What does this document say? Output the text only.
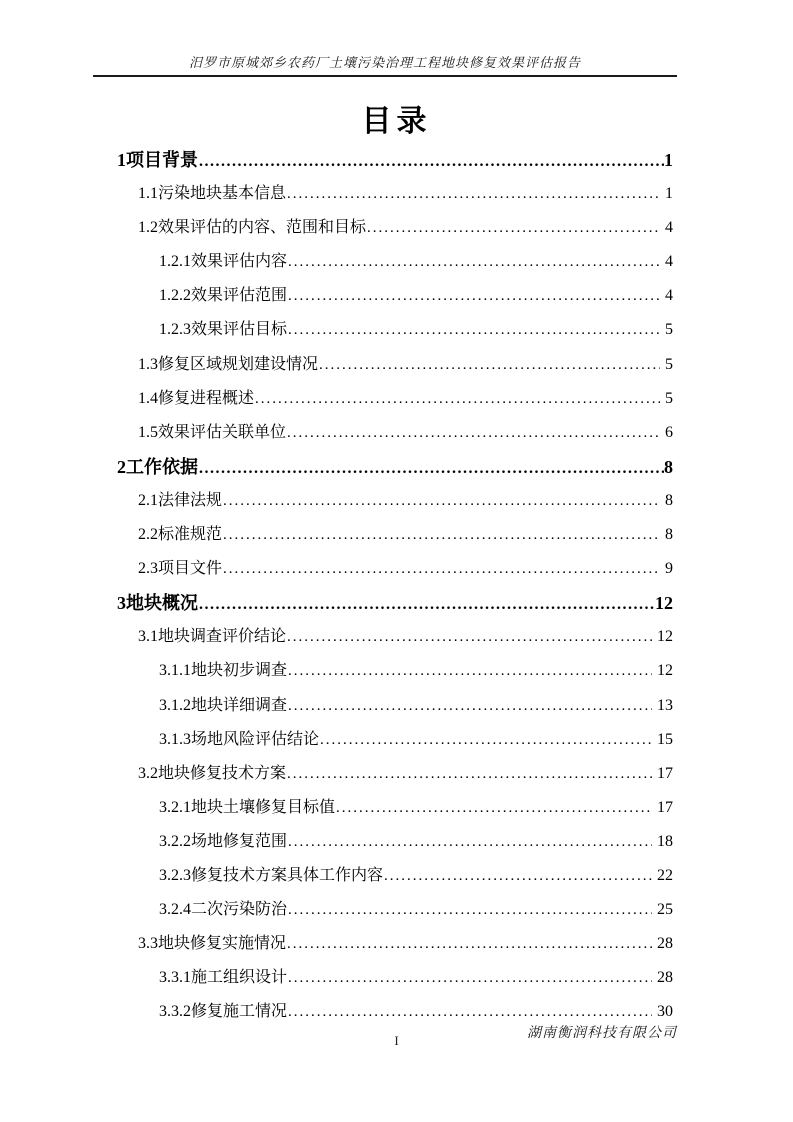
汨罗市原城郊乡农药厂土壤污染治理工程地块修复效果评估报告
目录
1项目背景 .....	1
1.1污染地块基本信息 .....	1
1.2效果评估的内容、范围和目标 .....	4
1.2.1效果评估内容 .....	4
1.2.2效果评估范围 .....	4
1.2.3效果评估目标 .....	5
1.3修复区域规划建设情况 .....	5
1.4修复进程概述 .....	5
1.5效果评估关联单位 .....	6
2工作依据 .....	8
2.1法律法规 .....	8
2.2标准规范 .....	8
2.3项目文件 .....	9
3地块概况 .....	12
3.1地块调查评价结论 .....	12
3.1.1地块初步调查 .....	12
3.1.2地块详细调查 .....	13
3.1.3场地风险评估结论 .....	15
3.2地块修复技术方案 .....	17
3.2.1地块土壤修复目标值 .....	17
3.2.2场地修复范围 .....	18
3.2.3修复技术方案具体工作内容 .....	22
3.2.4二次污染防治 .....	25
3.3地块修复实施情况 .....	28
3.3.1施工组织设计 .....	28
3.3.2修复施工情况 .....	30
湖南衡润科技有限公司
I
